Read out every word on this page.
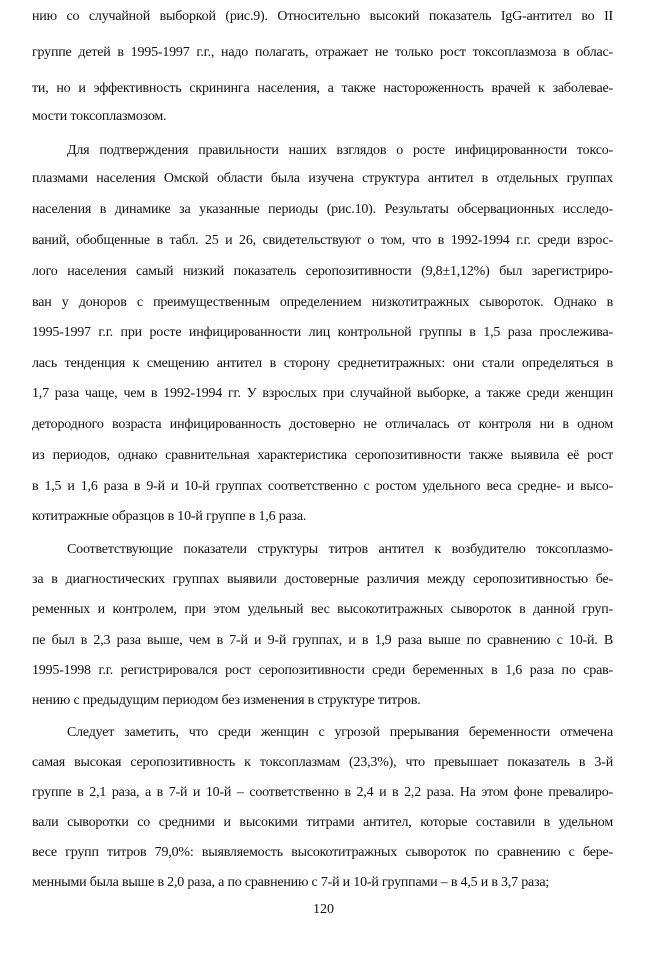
нию со случайной выборкой (рис.9). Относительно высокий показатель IgG-антител во II

группе детей в 1995-1997 г.г., надо полагать, отражает не только рост токсоплазмоза в облас-

ти, но и эффективность скрининга населения, а также настороженность врачей к заболевае-

мости токсоплазмозом.

Для подтверждения правильности наших взглядов о росте инфицированности токсо-

плазмами населения Омской области была изучена структура антител в отдельных группах

населения в динамике за указанные периоды (рис.10). Результаты обсервационных исследо-

ваний, обобщенные в табл. 25 и 26, свидетельствуют о том, что в 1992-1994 г.г. среди взрос-

лого населения самый низкий показатель серопозитивности (9,8±1,12%) был зарегистриро-

ван у доноров с преимущественным определением низкотитражных сывороток. Однако в

1995-1997 г.г. при росте инфицированности лиц контрольной группы в 1,5 раза прослежива-

лась тенденция к смещению антител в сторону среднетитражных: они стали определяться в

1,7 раза чаще, чем в 1992-1994 гг. У взрослых при случайной выборке, а также среди женщин

детородного возраста инфицированность достоверно не отличалась от контроля ни в одном

из периодов, однако сравнительная характеристика серопозитивности также выявила её рост

в 1,5 и 1,6 раза в 9-й и 10-й группах соответственно с ростом удельного веса средне- и высо-

котитражные образцов в 10-й группе в 1,6 раза.

Соответствующие показатели структуры титров антител к возбудителю токсоплазмо-

за в диагностических группах выявили достоверные различия между серопозитивностью бе-

ременных и контролем, при этом удельный вес высокотитражных сывороток в данной груп-

пе был в 2,3 раза выше, чем в 7-й и 9-й группах, и в 1,9 раза выше по сравнению с 10-й. В

1995-1998 г.г. регистрировался рост серопозитивности среди беременных в 1,6 раза по срав-

нению с предыдущим периодом без изменения в структуре титров.

Следует заметить, что среди женщин с угрозой прерывания беременности отмечена

самая высокая серопозитивность к токсоплазмам (23,3%), что превышает показатель в 3-й

группе в 2,1 раза, а в 7-й и 10-й – соответственно в 2,4 и в 2,2 раза. На этом фоне превалиро-

вали сыворотки со средними и высокими титрами антител, которые составили в удельном

весе групп титров 79,0%: выявляемость высокотитражных сывороток по сравнению с бере-

менными была выше в 2,0 раза, а по сравнению с 7-й и 10-й группами – в 4,5 и в 3,7 раза;

120
